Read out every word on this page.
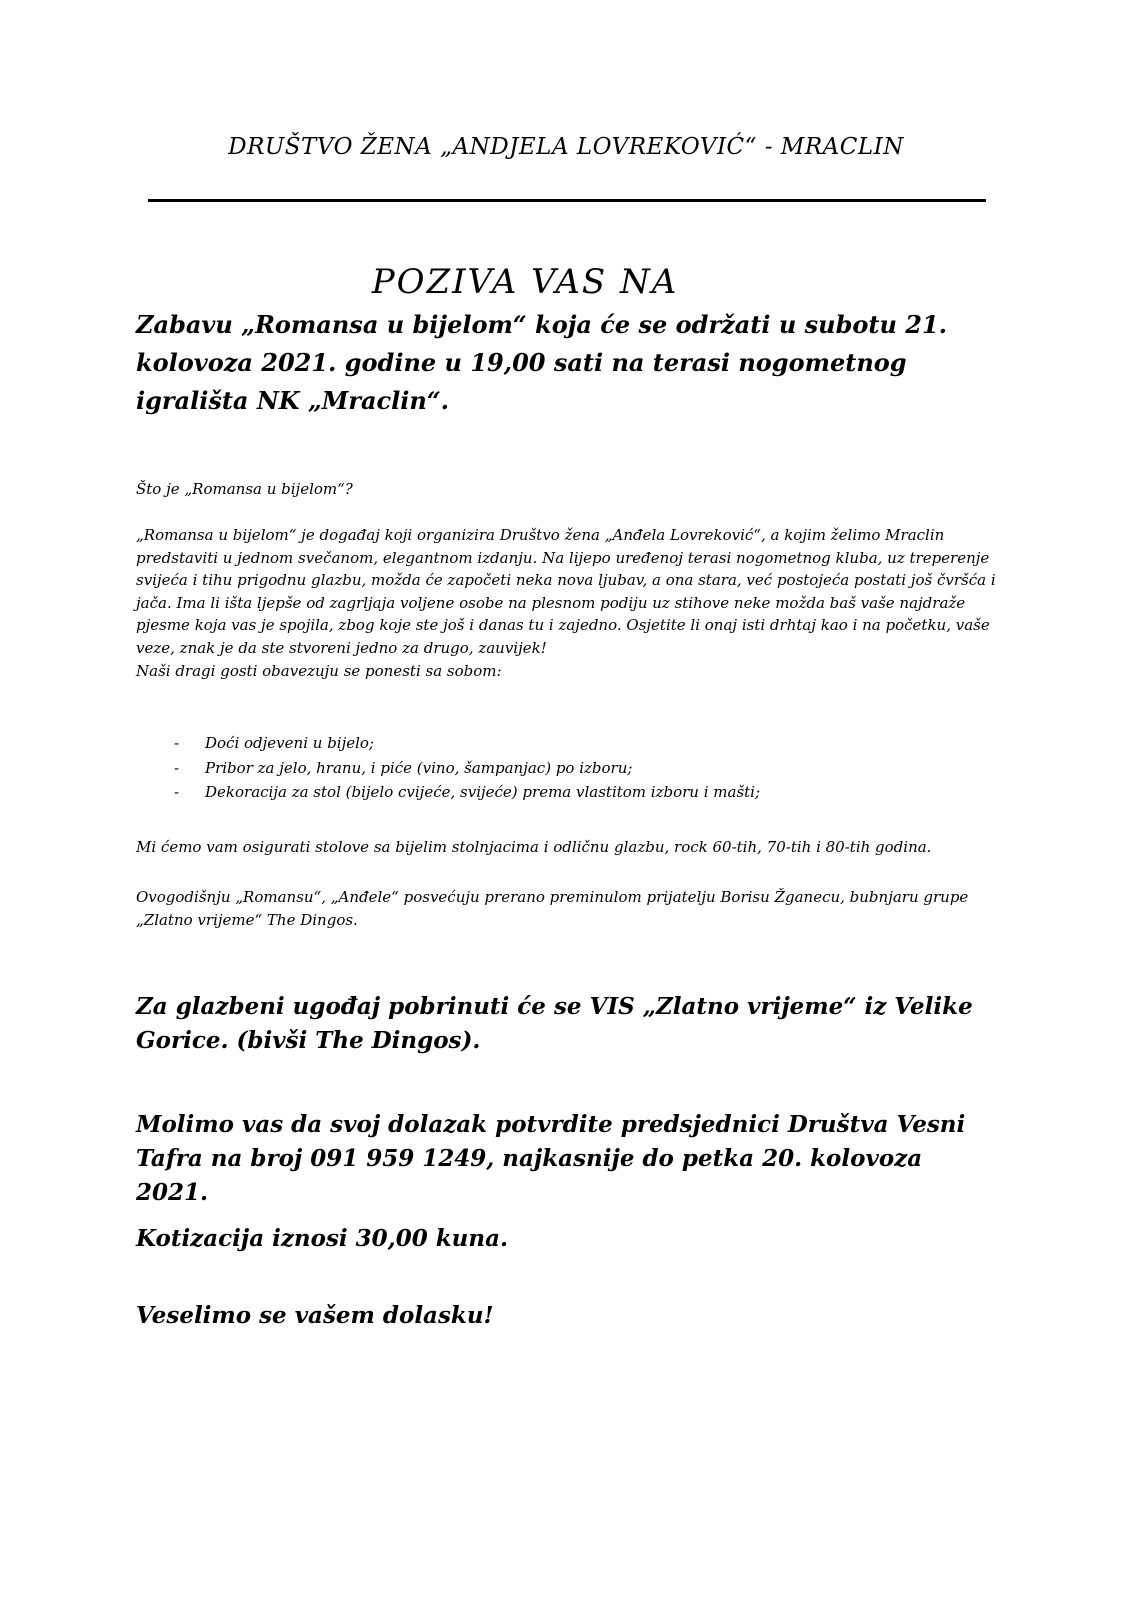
DRUŠTVO ŽENA „ANDJELA LOVREKOVIĆ“ - MRACLIN
POZIVA VAS NA
Zabavu „Romansa u bijelom“ koja će se održati u subotu 21. kolovoza 2021. godine u 19,00 sati na terasi nogometnog igrališta NK „Mraclin“.
Što je „Romansa u bijelom“?

„Romansa u bijelom“ je događaj koji organizira Društvo žena „Anđela Lovreković“, a kojim želimo Mraclin predstaviti u jednom svečanom, elegantnom izdanju. Na lijepo uređenoj terasi nogometnog kluba, uz treperenje svijeća i tihu prigodnu glazbu, možda će započeti neka nova ljubav, a ona stara, već postojeća postati još čvršća i jača. Ima li išta ljepše od zagrljaja voljene osobe na plesnom podiju uz stihove neke možda baš vaše najdraže pjesme koja vas je spojila, zbog koje ste još i danas tu i zajedno. Osjetite li onaj isti drhtaj kao i na početku, vaše veze, znak je da ste stvoreni jedno za drugo, zauvijek!
Naši dragi gosti obavezuju se ponesti sa sobom:

-	Doći odjeveni u bijelo;
-	Pribor za jelo, hranu, i piće (vino, šampanjac) po izboru;
-	Dekoracija za stol (bijelo cvijeće, svijeće) prema vlastitom izboru i mašti;
Mi ćemo vam osigurati stolove sa bijelim stolnjacima i odličnu glazbu, rock 60-tih, 70-tih i 80-tih godina.
Ovogodišnju „Romansu“, „Anđele“ posvećuju prerano preminulom prijatelju Borisu Žganecu, bubnjaru grupe „Zlatno vrijeme“ The Dingos.
Za glazbeni ugođaj pobrinuti će se VIS „Zlatno vrijeme“ iz Velike Gorice. (bivši The Dingos).
Molimo vas da svoj dolazak potvrdite predsjednici Društva Vesni Tafra na broj 091 959 1249, najkasnije do petka 20. kolovoza 2021.
Kotizacija iznosi 30,00 kuna.
Veselimo se vašem dolasku!
